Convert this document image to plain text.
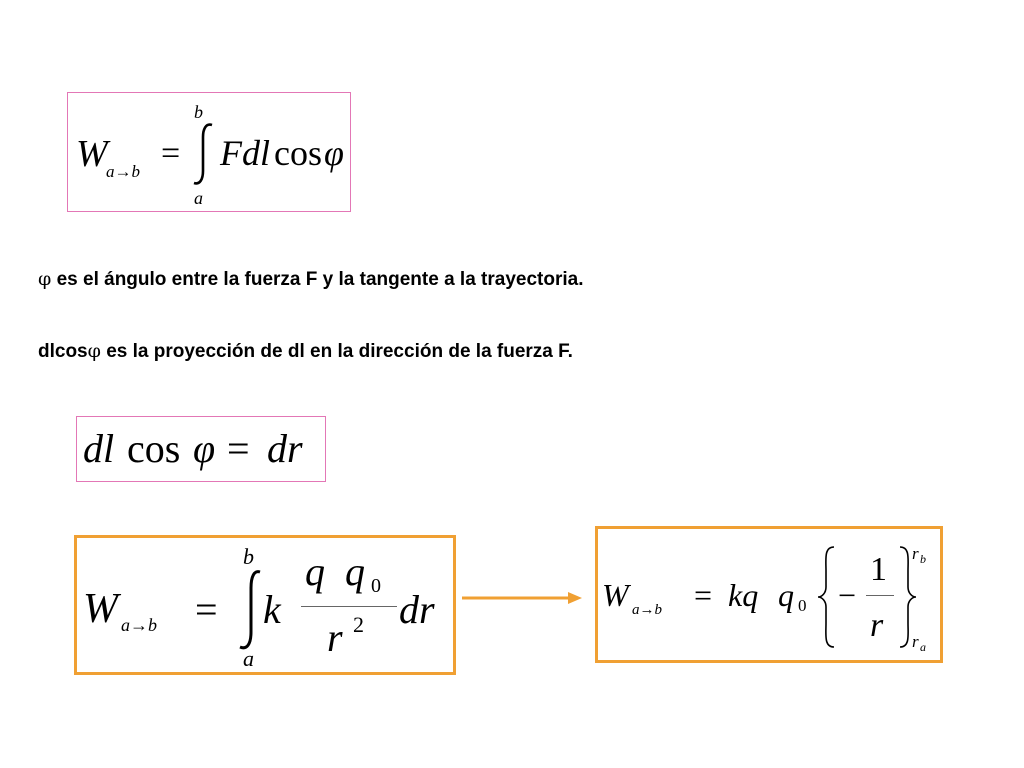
W
a→b =
b
a
Fdl cos φ
φ es el ángulo entre la fuerza F y la tangente a la trayectoria.
dlcosφ es la proyección de dl en la dirección de la fuerza F.
dl cos φ = dr
W a→b =
b
a
k
q q 0
r 2 dr	W a→b = kq q 0 −
1
r
r b
r a
